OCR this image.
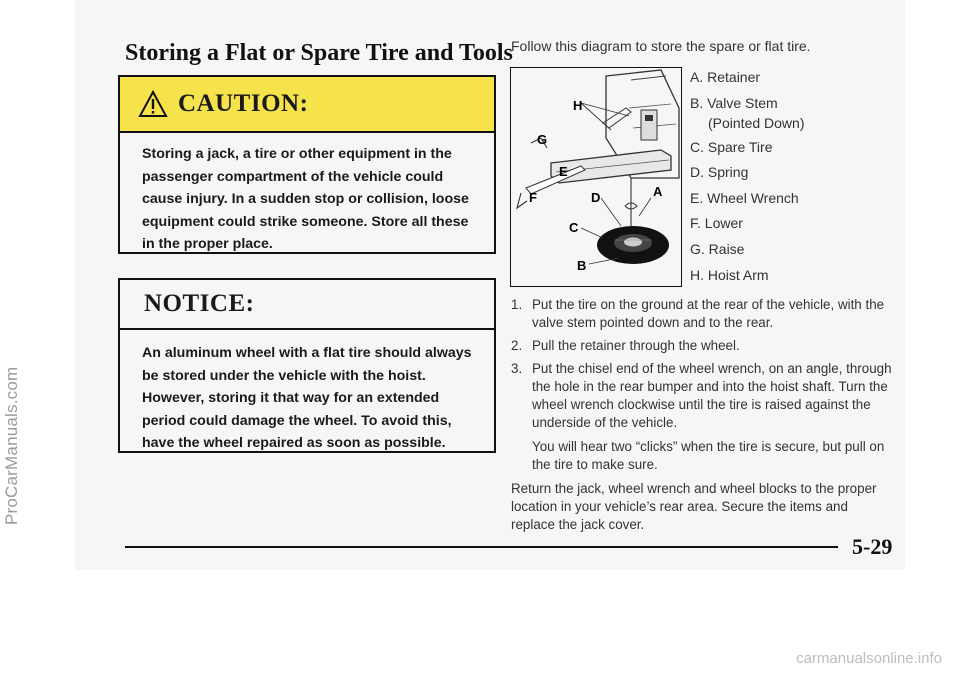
ProCarManuals.com
Storing a Flat or Spare Tire and Tools
CAUTION:
Storing a jack, a tire or other equipment in the
passenger compartment of the vehicle could
cause injury. In a sudden stop or collision, loose
equipment could strike someone. Store all these
in the proper place.
NOTICE:
An aluminum wheel with a flat tire should always
be stored under the vehicle with the hoist.
However, storing it that way for an extended
period could damage the wheel. To avoid this,
have the wheel repaired as soon as possible.
Follow this diagram to store the spare or flat tire.
H
G
E
F	D	A
C
B
A. Retainer
B. Valve Stem
(Pointed Down)
C. Spare Tire
D. Spring
E. Wheel Wrench
F. Lower
G. Raise
H. Hoist Arm
1. Put the tire on the ground at the rear of the vehicle, with the valve stem pointed down and to the rear.
2. Pull the retainer through the wheel.
3. Put the chisel end of the wheel wrench, on an angle, through the hole in the rear bumper and into the hoist shaft. Turn the wheel wrench clockwise until the tire is raised against the underside of the vehicle.
You will hear two “clicks” when the tire is secure, but pull on the tire to make sure.
Return the jack, wheel wrench and wheel blocks to the proper location in your vehicle’s rear area. Secure the items and replace the jack cover.
5-29
carmanualsonline.info
